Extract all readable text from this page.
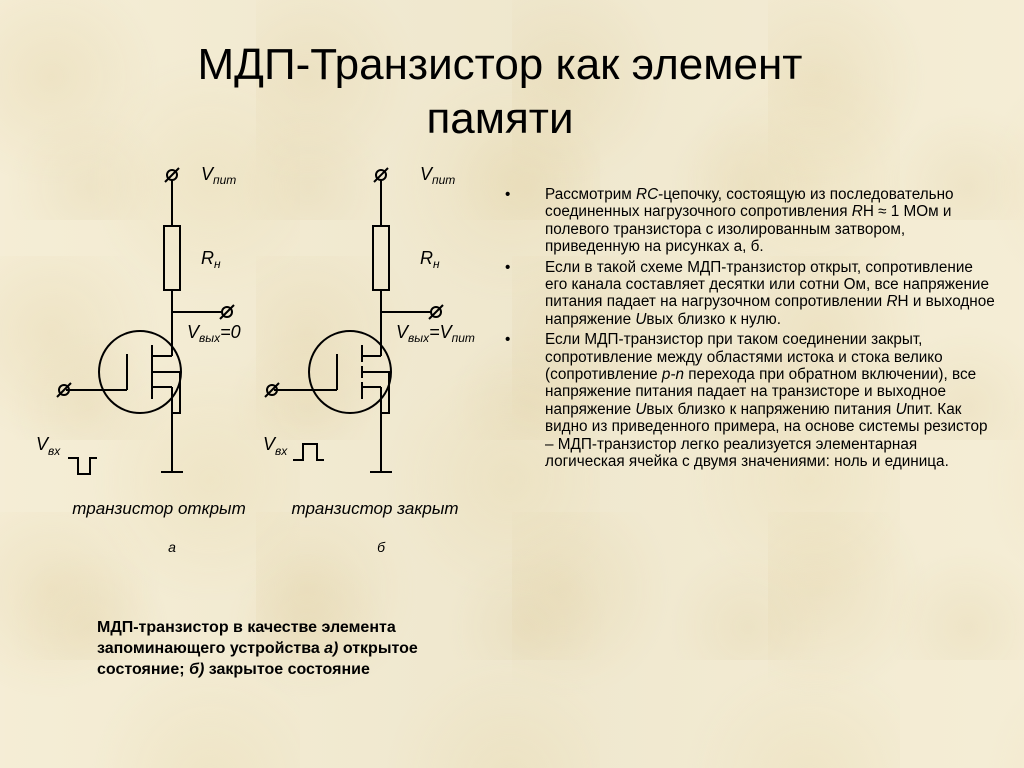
МДП-Транзистор как элемент
памяти
$V_{пит}$
$R_н$
$V_{вых}=0$
$V_{вх}$
транзистор открыт
а
$V_{пит}$
$R_н$
$V_{вых}=V_{пит}$
$V_{вх}$
транзистор закрыт
б
• Рассмотрим RC-цепочку, состоящую из последовательно соединенных нагрузочного сопротивления RН ≈ 1 МОм и полевого транзистора с изолированным затвором, приведенную на рисунках а, б.
• Если в такой схеме МДП-транзистор открыт, сопротивление его канала составляет десятки или сотни Ом, все напряжение питания падает на нагрузочном сопротивлении RН и выходное напряжение Uвых близко к нулю.
• Если МДП-транзистор при таком соединении закрыт, сопротивление между областями истока и стока велико (сопротивление p-n перехода при обратном включении), все напряжение питания падает на транзисторе и выходное напряжение Uвых близко к напряжению питания Uпит. Как видно из приведенного примера, на основе системы резистор – МДП-транзистор легко реализуется элементарная логическая ячейка с двумя значениями: ноль и единица.
МДП-транзистор в качестве элемента запоминающего устройства а) открытое состояние; б) закрытое состояние
